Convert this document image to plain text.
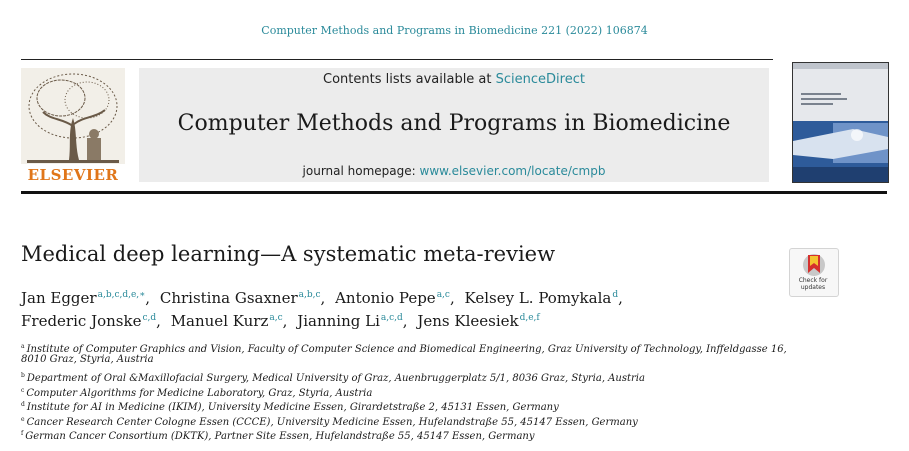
Computer Methods and Programs in Biomedicine 221 (2022) 106874
ELSEVIER
Contents lists available at ScienceDirect
Computer Methods and Programs in Biomedicine
journal homepage: www.elsevier.com/locate/cmpb
Medical deep learning—A systematic meta-review
Check for
updates
Jan Egger$^{a,b,c,d,e,∗}$, Christina Gsaxner$^{a,b,c}$, Antonio Pepe$^{a,c}$, Kelsey L. Pomykala$^d$,
Frederic Jonske$^{c,d}$, Manuel Kurz$^{a,c}$, Jianning Li$^{a,c,d}$, Jens Kleesiek$^{d,e,f}$
$^a$ Institute of Computer Graphics and Vision, Faculty of Computer Science and Biomedical Engineering, Graz University of Technology, Inffeldgasse 16,
8010 Graz, Styria, Austria
$^b$ Department of Oral &Maxillofacial Surgery, Medical University of Graz, Auenbruggerplatz 5/1, 8036 Graz, Styria, Austria
$^c$ Computer Algorithms for Medicine Laboratory, Graz, Styria, Austria
$^d$ Institute for AI in Medicine (IKIM), University Medicine Essen, Girardetstraße 2, 45131 Essen, Germany
$^e$ Cancer Research Center Cologne Essen (CCCE), University Medicine Essen, Hufelandstraße 55, 45147 Essen, Germany
$^f$ German Cancer Consortium (DKTK), Partner Site Essen, Hufelandstraße 55, 45147 Essen, Germany
